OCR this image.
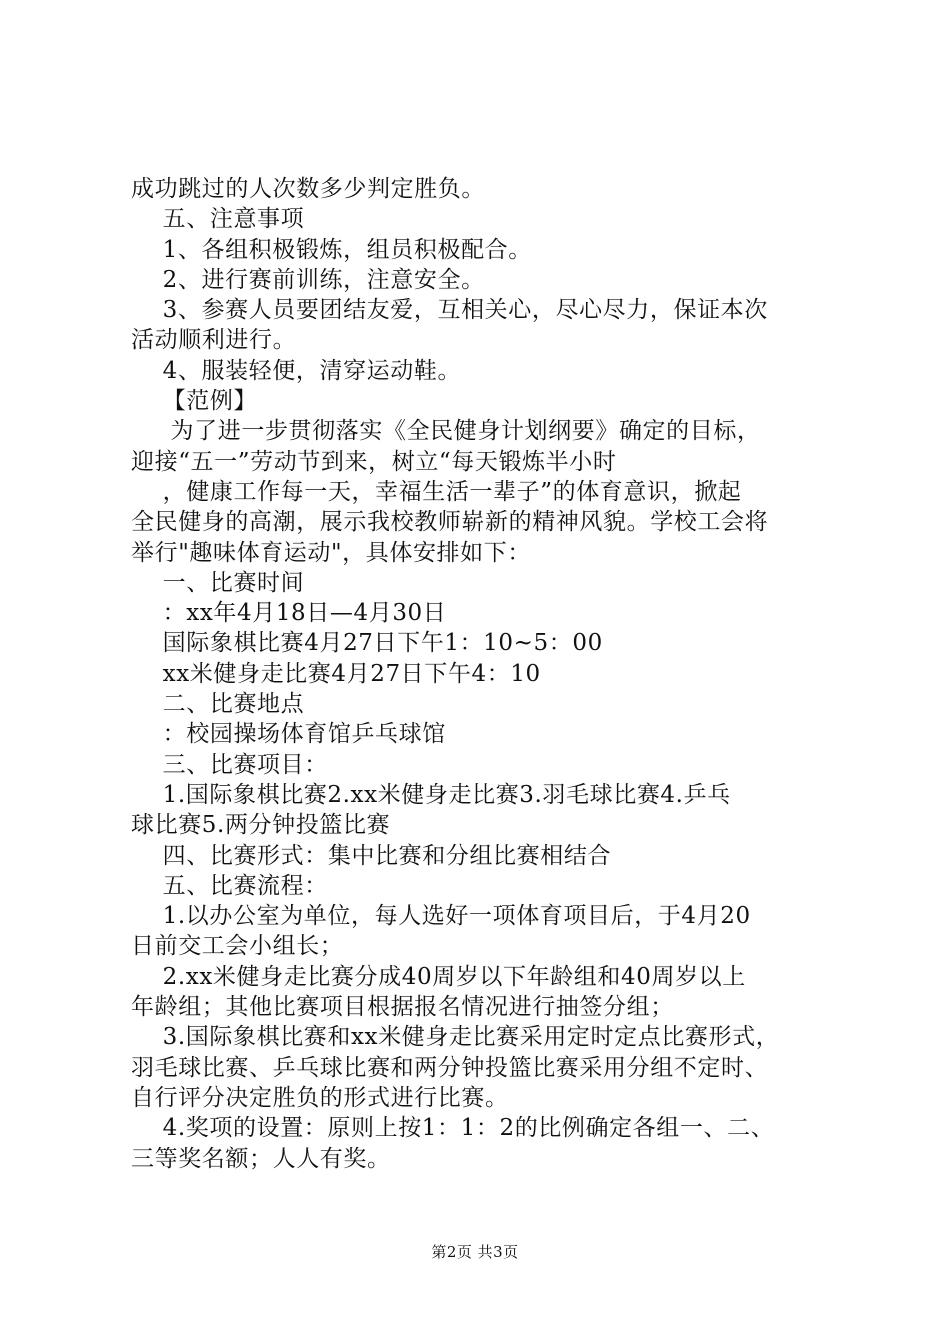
成功跳过的人次数多少判定胜负。
五、注意事项
1、各组积极锻炼，组员积极配合。
2、进行赛前训练，注意安全。
3、参赛人员要团结友爱，互相关心，尽心尽力，保证本次
活动顺利进行。
4、服装轻便，清穿运动鞋。
【范例】
为了进一步贯彻落实《全民健身计划纲要》确定的目标，
迎接“五一”劳动节到来，树立“每天锻炼半小时
，健康工作每一天，幸福生活一辈子”的体育意识，掀起
全民健身的高潮，展示我校教师崭新的精神风貌。学校工会将
举行"趣味体育运动"，具体安排如下：
一、比赛时间
：xx年4月18日—4月30日
国际象棋比赛4月27日下午1：10~5：00
xx米健身走比赛4月27日下午4：10
二、比赛地点
：校园操场体育馆乒乓球馆
三、比赛项目：
1.国际象棋比赛2.xx米健身走比赛3.羽毛球比赛4.乒乓
球比赛5.两分钟投篮比赛
四、比赛形式：集中比赛和分组比赛相结合
五、比赛流程：
1.以办公室为单位，每人选好一项体育项目后，于4月20
日前交工会小组长；
2.xx米健身走比赛分成40周岁以下年龄组和40周岁以上
年龄组；其他比赛项目根据报名情况进行抽签分组；
3.国际象棋比赛和xx米健身走比赛采用定时定点比赛形式，
羽毛球比赛、乒乓球比赛和两分钟投篮比赛采用分组不定时、
自行评分决定胜负的形式进行比赛。
4.奖项的设置：原则上按1：1：2的比例确定各组一、二、
三等奖名额；人人有奖。
第2页 共3页
